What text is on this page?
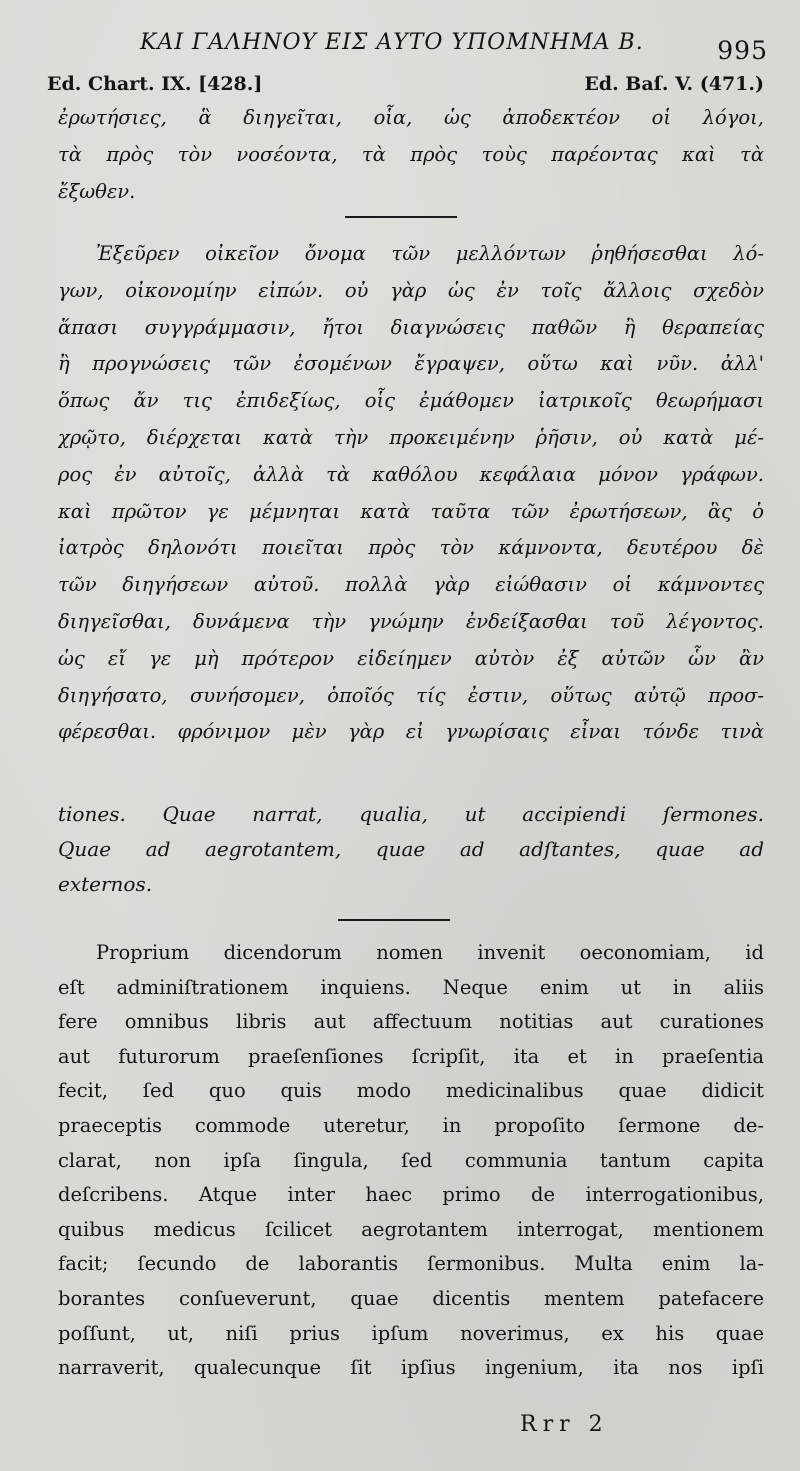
ΚΑΙ ΓΑΛΗΝΟΥ ΕΙΣ ΑΥΤΟ ΥΠΟΜΝΗΜΑ Β.	995
Ed. Chart. IX. [428.]	Ed. Baſ. V. (471.)
ἐρωτήσιες, ἃ διηγεῖται, οἷα, ὡς ἀποδεκτέον οἱ λόγοι,
τὰ πρὸς τὸν νοσέοντα, τὰ πρὸς τοὺς παρέοντας καὶ τὰ
ἔξωθεν.
Ἐξεῦρεν οἰκεῖον ὄνομα τῶν μελλόντων ῥηθήσεσθαι λό-
γων, οἰκονομίην εἰπών. οὐ γὰρ ὡς ἐν τοῖς ἄλλοις σχεδὸν
ἅπασι συγγράμμασιν, ἤτοι διαγνώσεις παθῶν ἢ θεραπείας
ἢ προγνώσεις τῶν ἐσομένων ἔγραψεν, οὕτω καὶ νῦν. ἀλλ'
ὅπως ἄν τις ἐπιδεξίως, οἷς ἐμάθομεν ἰατρικοῖς θεωρήμασι
χρῷτο, διέρχεται κατὰ τὴν προκειμένην ῥῆσιν, οὐ κατὰ μέ-
ρος ἐν αὐτοῖς, ἀλλὰ τὰ καθόλου κεφάλαια μόνον γράφων.
καὶ πρῶτον γε μέμνηται κατὰ ταῦτα τῶν ἐρωτήσεων, ἃς ὁ
ἰατρὸς δηλονότι ποιεῖται πρὸς τὸν κάμνοντα, δευτέρου δὲ
τῶν διηγήσεων αὐτοῦ. πολλὰ γὰρ εἰώθασιν οἱ κάμνοντες
διηγεῖσθαι, δυνάμενα τὴν γνώμην ἐνδείξασθαι τοῦ λέγοντος.
ὡς εἴ γε μὴ πρότερον εἰδείημεν αὐτὸν ἐξ αὐτῶν ὧν ἂν
διηγήσατο, συνήσομεν, ὁποῖός τίς ἐστιν, οὕτως αὐτῷ προσ-
φέρεσθαι. φρόνιμον μὲν γὰρ εἰ γνωρίσαις εἶναι τόνδε τινὰ
tiones. Quae narrat, qualia, ut accipiendi ſermones.
Quae ad aegrotantem, quae ad adſtantes, quae ad
externos.
Proprium dicendorum nomen invenit oeconomiam, id
eſt adminiſtrationem inquiens. Neque enim ut in aliis
fere omnibus libris aut affectuum notitias aut curationes
aut futurorum praeſenſiones ſcripſit, ita et in praeſentia
fecit, ſed quo quis modo medicinalibus quae didicit
praeceptis commode uteretur, in propoſito ſermone de-
clarat, non ipſa ſingula, ſed communia tantum capita
deſcribens. Atque inter haec primo de interrogationibus,
quibus medicus ſcilicet aegrotantem interrogat, mentionem
facit; ſecundo de laborantis ſermonibus. Multa enim la-
borantes conſueverunt, quae dicentis mentem patefacere
poſſunt, ut, niſi prius ipſum noverimus, ex his quae
narraverit, qualecunque ſit ipſius ingenium, ita nos ipſi
Rrr 2
